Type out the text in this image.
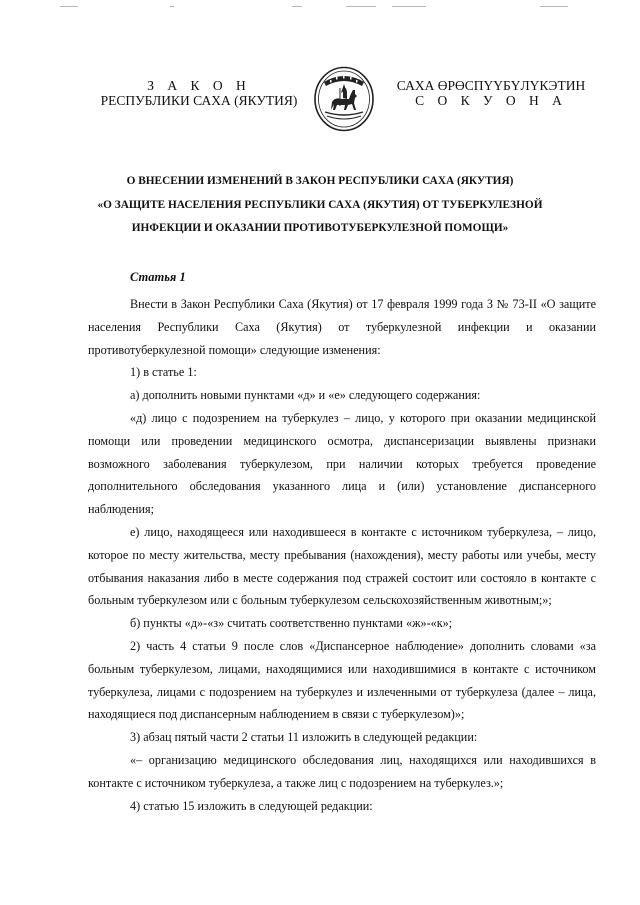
З А К О Н
РЕСПУБЛИКИ САХА (ЯКУТИЯ)
САХА ӨРӨСПҮҮБҮЛҮКЭТИН
С О К У О Н А
О ВНЕСЕНИИ ИЗМЕНЕНИЙ В ЗАКОН РЕСПУБЛИКИ САХА (ЯКУТИЯ)
«О ЗАЩИТЕ НАСЕЛЕНИЯ РЕСПУБЛИКИ САХА (ЯКУТИЯ) ОТ ТУБЕРКУЛЕЗНОЙ
ИНФЕКЦИИ И ОКАЗАНИИ ПРОТИВОТУБЕРКУЛЕЗНОЙ ПОМОЩИ»
Статья 1

Внести в Закон Республики Саха (Якутия) от 17 февраля 1999 года З № 73-II «О защите населения Республики Саха (Якутия) от туберкулезной инфекции и оказании противотуберкулезной помощи» следующие изменения:

1) в статье 1:

а) дополнить новыми пунктами «д» и «е» следующего содержания:

«д) лицо с подозрением на туберкулез – лицо, у которого при оказании медицинской помощи или проведении медицинского осмотра, диспансеризации выявлены признаки возможного заболевания туберкулезом, при наличии которых требуется проведение дополнительного обследования указанного лица и (или) установление диспансерного наблюдения;

е) лицо, находящееся или находившееся в контакте с источником туберкулеза, – лицо, которое по месту жительства, месту пребывания (нахождения), месту работы или учебы, месту отбывания наказания либо в месте содержания под стражей состоит или состояло в контакте с больным туберкулезом или с больным туберкулезом сельскохозяйственным животным;»;

б) пункты «д»-«з» считать соответственно пунктами «ж»-«к»;

2) часть 4 статьи 9 после слов «Диспансерное наблюдение» дополнить словами «за больным туберкулезом, лицами, находящимися или находившимися в контакте с источником туберкулеза, лицами с подозрением на туберкулез и излеченными от туберкулеза (далее – лица, находящиеся под диспансерным наблюдением в связи с туберкулезом)»;

3) абзац пятый части 2 статьи 11 изложить в следующей редакции:

«– организацию медицинского обследования лиц, находящихся или находившихся в контакте с источником туберкулеза, а также лиц с подозрением на туберкулез.»;

4) статью 15 изложить в следующей редакции:
